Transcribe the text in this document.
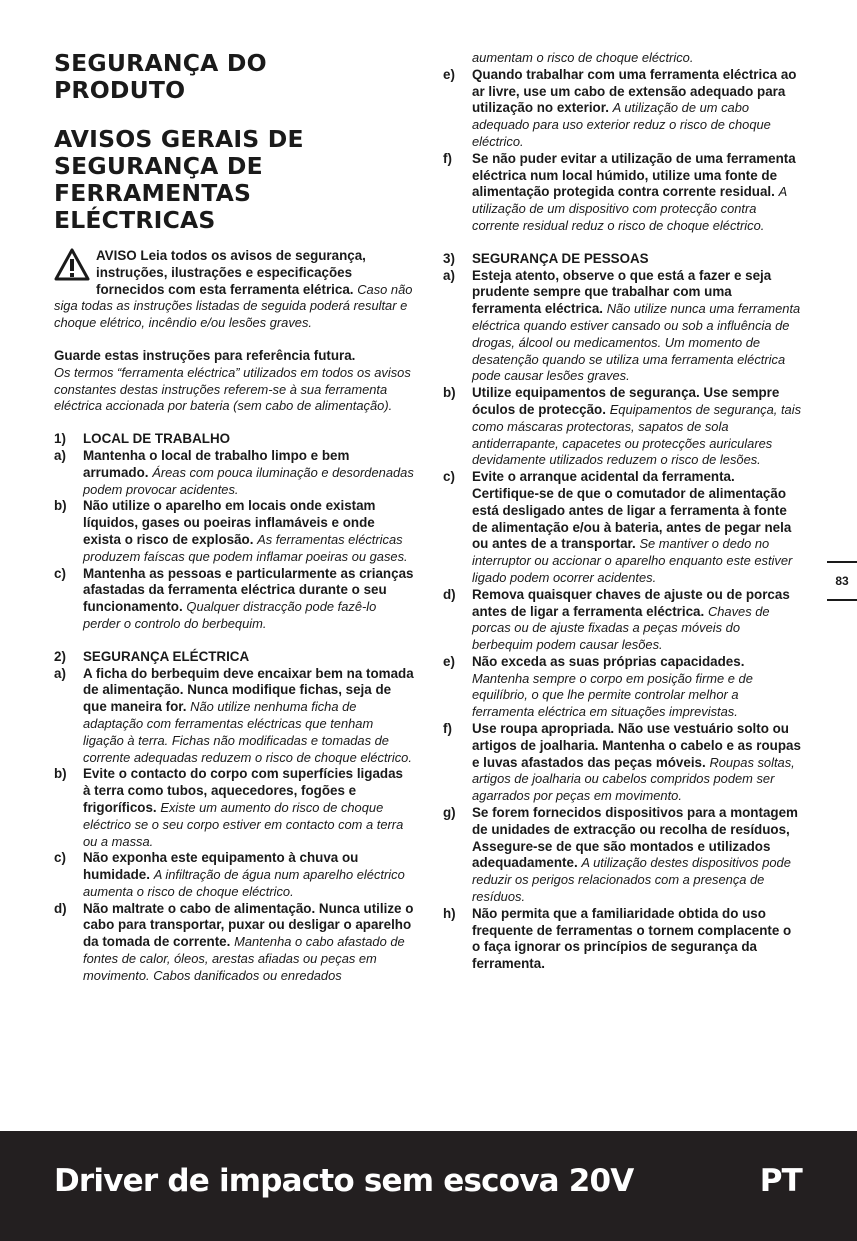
SEGURANÇA DO PRODUTO
AVISOS GERAIS DE SEGURANÇA DE FERRAMENTAS ELÉCTRICAS
AVISO Leia todos os avisos de segurança, instruções, ilustrações e especificações fornecidos com esta ferramenta elétrica. Caso não siga todas as instruções listadas de seguida poderá resultar e choque elétrico, incêndio e/ou lesões graves.

Guarde estas instruções para referência futura.
Os termos “ferramenta eléctrica” utilizados em todos os avisos constantes destas instruções referem-se à sua ferramenta eléctrica accionada por bateria (sem cabo de alimentação).

1)	LOCAL DE TRABALHO
a)	Mantenha o local de trabalho limpo e bem arrumado. Áreas com pouca iluminação e desordenadas podem provocar acidentes.
b)	Não utilize o aparelho em locais onde existam líquidos, gases ou poeiras inflamáveis e onde exista o risco de explosão. As ferramentas eléctricas produzem faíscas que podem inflamar poeiras ou gases.
c)	Mantenha as pessoas e particularmente as crianças afastadas da ferramenta eléctrica durante o seu funcionamento. Qualquer distracção pode fazê-lo perder o controlo do berbequim.
2)	SEGURANÇA ELÉCTRICA
a)	A ficha do berbequim deve encaixar bem na tomada de alimentação. Nunca modifique fichas, seja de que maneira for. Não utilize nenhuma ficha de adaptação com ferramentas eléctricas que tenham ligação à terra. Fichas não modificadas e tomadas de corrente adequadas reduzem o risco de choque eléctrico.
b)	Evite o contacto do corpo com superfícies ligadas à terra como tubos, aquecedores, fogões e frigoríficos. Existe um aumento do risco de choque eléctrico se o seu corpo estiver em contacto com a terra ou a massa.
c)	Não exponha este equipamento à chuva ou humidade. A infiltração de água num aparelho eléctrico aumenta o risco de choque eléctrico.
d)	Não maltrate o cabo de alimentação. Nunca utilize o cabo para transportar, puxar ou desligar o aparelho da tomada de corrente. Mantenha o cabo afastado de fontes de calor, óleos, arestas afiadas ou peças em movimento. Cabos danificados ou enredados
aumentam o risco de choque eléctrico.
e)	Quando trabalhar com uma ferramenta eléctrica ao ar livre, use um cabo de extensão adequado para utilização no exterior. A utilização de um cabo adequado para uso exterior reduz o risco de choque eléctrico.
f)	Se não puder evitar a utilização de uma ferramenta eléctrica num local húmido, utilize uma fonte de alimentação protegida contra corrente residual. A utilização de um dispositivo com protecção contra corrente residual reduz o risco de choque eléctrico.
3)	SEGURANÇA DE PESSOAS
a)	Esteja atento, observe o que está a fazer e seja prudente sempre que trabalhar com uma ferramenta eléctrica. Não utilize nunca uma ferramenta eléctrica quando estiver cansado ou sob a influência de drogas, álcool ou medicamentos. Um momento de desatenção quando se utiliza uma ferramenta eléctrica pode causar lesões graves.
b)	Utilize equipamentos de segurança. Use sempre óculos de protecção. Equipamentos de segurança, tais como máscaras protectoras, sapatos de sola antiderrapante, capacetes ou protecções auriculares devidamente utilizados reduzem o risco de lesões.
c)	Evite o arranque acidental da ferramenta. Certifique-se de que o comutador de alimentação está desligado antes de ligar a ferramenta à fonte de alimentação e/ou à bateria, antes de pegar nela ou antes de a transportar. Se mantiver o dedo no interruptor ou accionar o aparelho enquanto este estiver ligado podem ocorrer acidentes.
d)	Remova quaisquer chaves de ajuste ou de porcas antes de ligar a ferramenta eléctrica. Chaves de porcas ou de ajuste fixadas a peças móveis do berbequim podem causar lesões.
e)	Não exceda as suas próprias capacidades. Mantenha sempre o corpo em posição firme e de equilíbrio, o que lhe permite controlar melhor a ferramenta eléctrica em situações imprevistas.
f)	Use roupa apropriada. Não use vestuário solto ou artigos de joalharia. Mantenha o cabelo e as roupas e luvas afastados das peças móveis. Roupas soltas, artigos de joalharia ou cabelos compridos podem ser agarrados por peças em movimento.
g)	Se forem fornecidos dispositivos para a montagem de unidades de extracção ou recolha de resíduos, Assegure-se de que são montados e utilizados adequadamente. A utilização destes dispositivos pode reduzir os perigos relacionados com a presença de resíduos.
h)	Não permita que a familiaridade obtida do uso frequente de ferramentas o tornem complacente o o faça ignorar os princípios de segurança da ferramenta.
83
Driver de impacto sem escova 20V	PT
